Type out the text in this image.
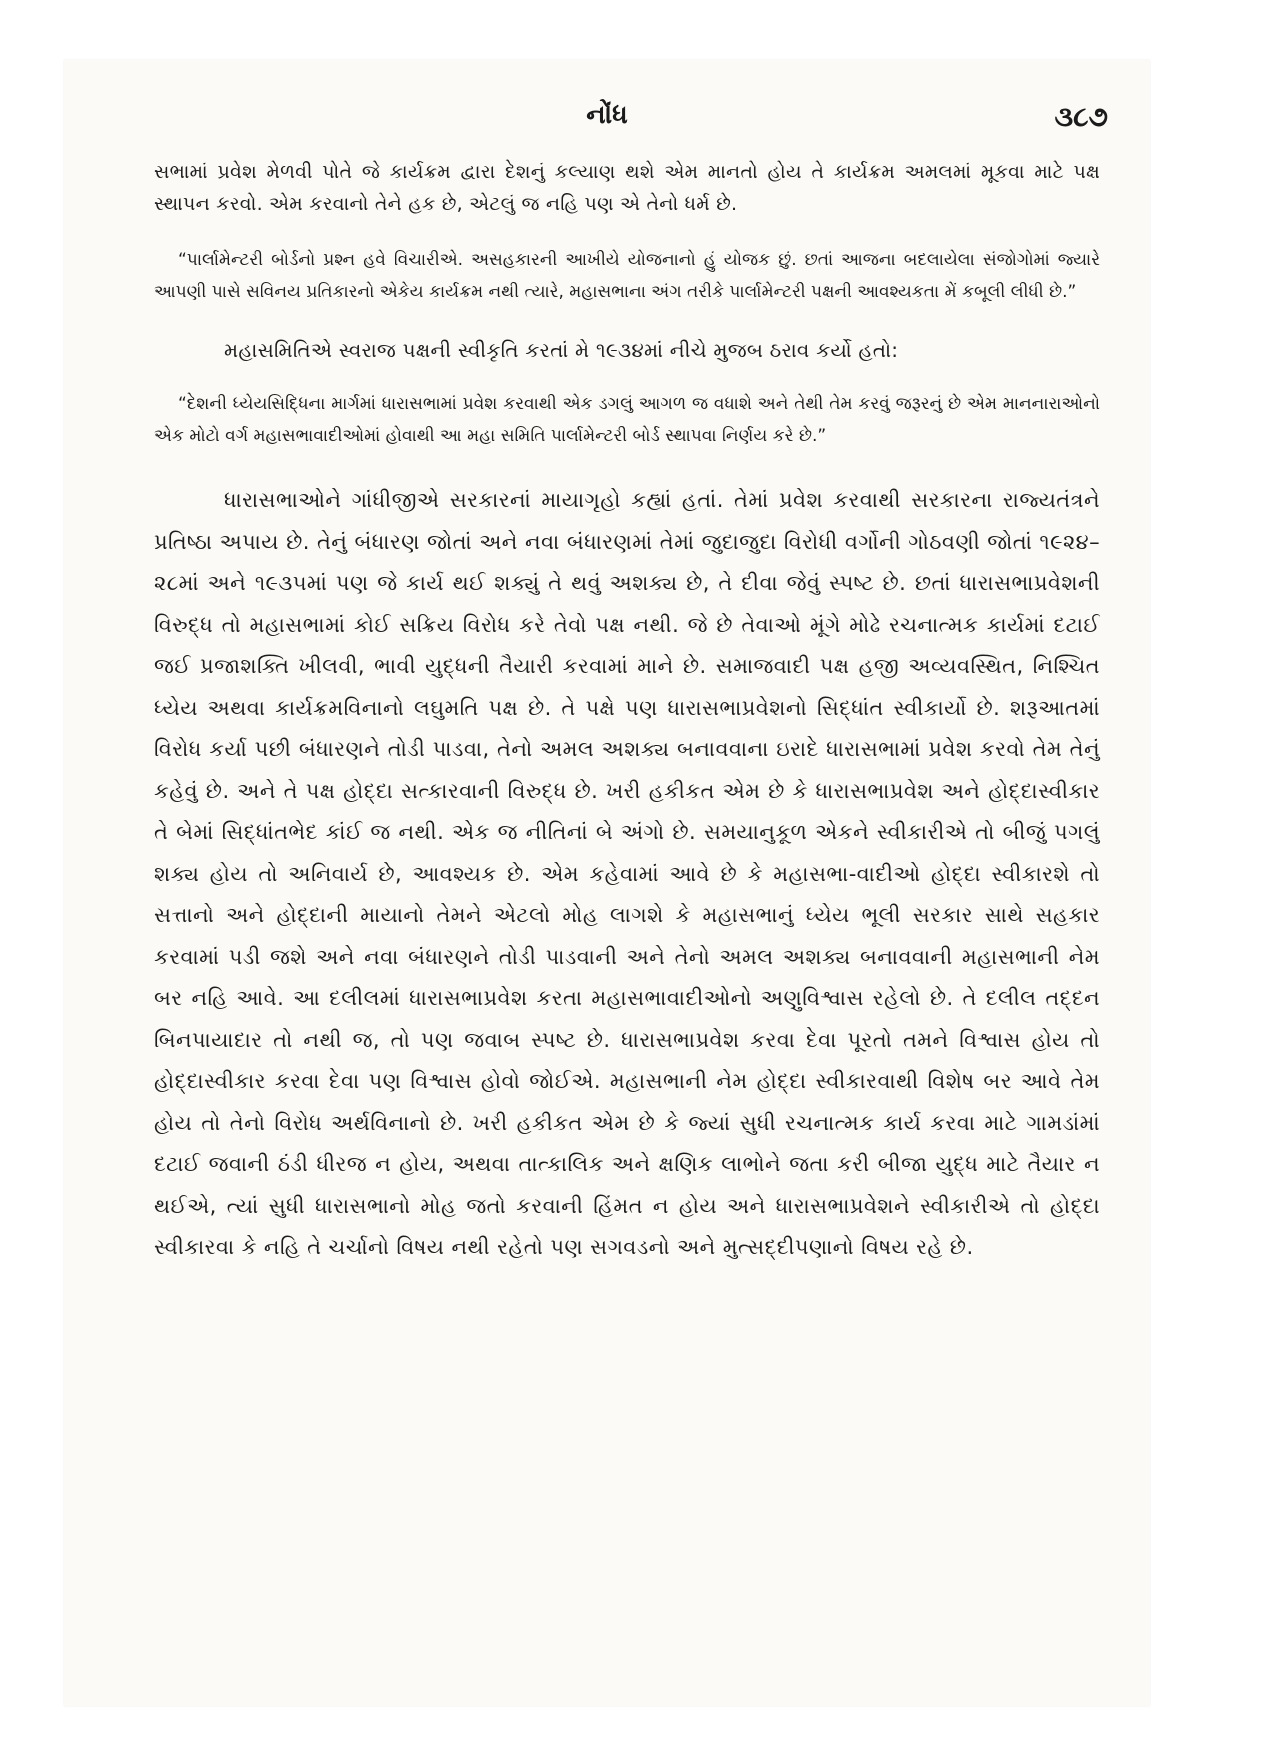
નોંધ	૩૮૭

સભામાં પ્રવેશ મેળવી પોતે જે કાર્યક્રમ દ્વારા દેશનું કલ્યાણ થશે એમ માનતો હોય તે કાર્યક્રમ અમલમાં મૂકવા માટે પક્ષ સ્થાપન કરવો. એમ કરવાનો તેને હક છે, એટલું જ નહિ પણ એ તેનો ધર્મ છે.

“પાર્લામેન્ટરી બોર્ડનો પ્રશ્ન હવે વિચારીએ. અસહકારની આખીયે યોજનાનો હું યોજક છું. છતાં આજના બદલાયેલા સંજોગોમાં જ્યારે આપણી પાસે સવિનય પ્રતિકારનો એકેય કાર્યક્રમ નથી ત્યારે, મહાસભાના અંગ તરીકે પાર્લામેન્ટરી પક્ષની આવશ્યકતા મેં કબૂલી લીધી છે.”

મહાસમિતિએ સ્વરાજ પક્ષની સ્વીકૃતિ કરતાં મે ૧૯૩૪માં નીચે મુજબ ઠરાવ કર્યો હતો:

“દેશની ધ્યેયસિદ્ધિના માર્ગમાં ધારાસભામાં પ્રવેશ કરવાથી એક ડગલું આગળ જ વધાશે અને તેથી તેમ કરવું જરૂરનું છે એમ માનનારાઓનો એક મોટો વર્ગ મહાસભાવાદીઓમાં હોવાથી આ મહા સમિતિ પાર્લામેન્ટરી બોર્ડ સ્થાપવા નિર્ણય કરે છે.”

ધારાસભાઓને ગાંધીજીએ સરકારનાં માયાગૃહો કહ્યાં હતાં. તેમાં પ્રવેશ કરવાથી સરકારના રાજ્યતંત્રને પ્રતિષ્ઠા અપાય છે. તેનું બંધારણ જોતાં અને નવા બંધારણમાં તેમાં જુદાજુદા વિરોધી વર્ગોની ગોઠવણી જોતાં ૧૯૨૪–૨૮માં અને ૧૯૩૫માં પણ જે કાર્ય થઈ શક્યું તે થવું અશક્ય છે, તે દીવા જેવું સ્પષ્ટ છે. છતાં ધારાસભાપ્રવેશની વિરુદ્ધ તો મહાસભામાં કોઈ સક્રિય વિરોધ કરે તેવો પક્ષ નથી. જે છે તેવાઓ મૂંગે મોઢે રચનાત્મક કાર્યમાં દટાઈ જઈ પ્રજાશક્તિ ખીલવી, ભાવી યુદ્ધની તૈયારી કરવામાં માને છે. સમાજવાદી પક્ષ હજી અવ્યવસ્થિત, નિશ્ચિત ધ્યેય અથવા કાર્યક્રમવિનાનો લઘુમતિ પક્ષ છે. તે પક્ષે પણ ધારાસભાપ્રવેશનો સિદ્ધાંત સ્વીકાર્યો છે. શરૂઆતમાં વિરોધ કર્યા પછી બંધારણને તોડી પાડવા, તેનો અમલ અશક્ય બનાવવાના ઇરાદે ધારાસભામાં પ્રવેશ કરવો તેમ તેનું કહેવું છે. અને તે પક્ષ હોદ્દા સત્કારવાની વિરુદ્ધ છે. ખરી હકીકત એમ છે કે ધારાસભાપ્રવેશ અને હોદ્દાસ્વીકાર તે બેમાં સિદ્ધાંતભેદ કાંઈ જ નથી. એક જ નીતિનાં બે અંગો છે. સમયાનુકૂળ એકને સ્વીકારીએ તો બીજું પગલું શક્ય હોય તો અનિવાર્ય છે, આવશ્યક છે. એમ કહેવામાં આવે છે કે મહાસભા-વાદીઓ હોદ્દા સ્વીકારશે તો સત્તાનો અને હોદ્દાની માયાનો તેમને એટલો મોહ લાગશે કે મહાસભાનું ધ્યેય ભૂલી સરકાર સાથે સહકાર કરવામાં પડી જશે અને નવા બંધારણને તોડી પાડવાની અને તેનો અમલ અશક્ય બનાવવાની મહાસભાની નેમ બર નહિ આવે. આ દલીલમાં ધારાસભાપ્રવેશ કરતા મહાસભાવાદીઓનો અણુવિશ્વાસ રહેલો છે. તે દલીલ તદ્દન બિનપાયાદાર તો નથી જ, તો પણ જવાબ સ્પષ્ટ છે. ધારાસભાપ્રવેશ કરવા દેવા પૂરતો તમને વિશ્વાસ હોય તો હોદ્દાસ્વીકાર કરવા દેવા પણ વિશ્વાસ હોવો જોઈએ. મહાસભાની નેમ હોદ્દા સ્વીકારવાથી વિશેષ બર આવે તેમ હોય તો તેનો વિરોધ અર્થવિનાનો છે. ખરી હકીકત એમ છે કે જ્યાં સુધી રચનાત્મક કાર્ય કરવા માટે ગામડાંમાં દટાઈ જવાની ઠંડી ધીરજ ન હોય, અથવા તાત્કાલિક અને ક્ષણિક લાભોને જતા કરી બીજા યુદ્ધ માટે તૈયાર ન થઈએ, ત્યાં સુધી ધારાસભાનો મોહ જતો કરવાની હિંમત ન હોય અને ધારાસભાપ્રવેશને સ્વીકારીએ તો હોદ્દા સ્વીકારવા કે નહિ તે ચર્ચાનો વિષય નથી રહેતો પણ સગવડનો અને મુત્સદ્દીપણાનો વિષય રહે છે.
